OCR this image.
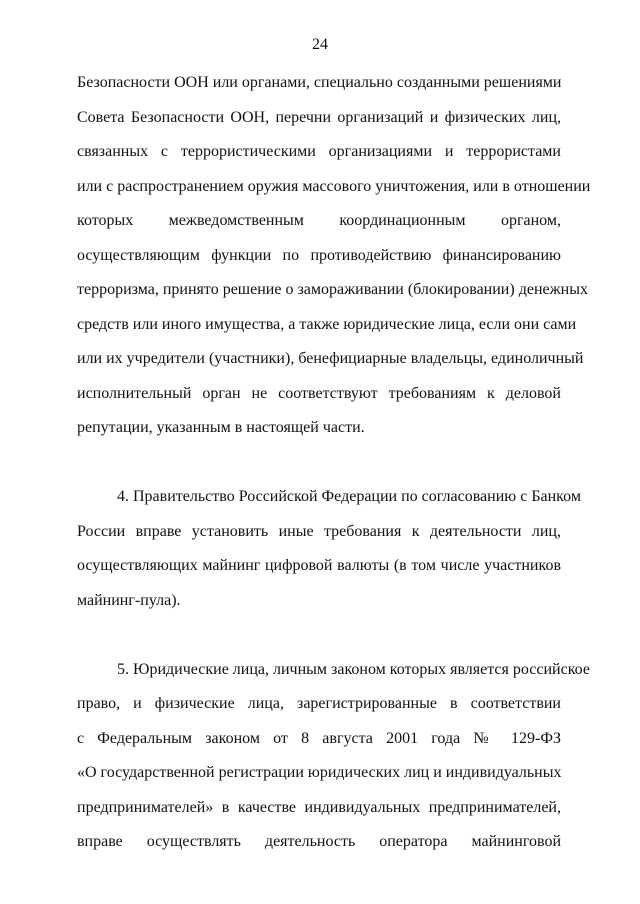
24
Безопасности ООН или органами, специально созданными решениями
Совета Безопасности ООН, перечни организаций и физических лиц,
связанных с террористическими организациями и террористами
или с распространением оружия массового уничтожения, или в отношении
которых межведомственным координационным органом,
осуществляющим функции по противодействию финансированию
терроризма, принято решение о замораживании (блокировании) денежных
средств или иного имущества, а также юридические лица, если они сами
или их учредители (участники), бенефициарные владельцы, единоличный
исполнительный орган не соответствуют требованиям к деловой
репутации, указанным в настоящей части.
4. Правительство Российской Федерации по согласованию с Банком
России вправе установить иные требования к деятельности лиц,
осуществляющих майнинг цифровой валюты (в том числе участников
майнинг-пула).
5. Юридические лица, личным законом которых является российское
право, и физические лица, зарегистрированные в соответствии
с Федеральным законом от 8 августа 2001 года № 129-ФЗ
«О государственной регистрации юридических лиц и индивидуальных
предпринимателей» в качестве индивидуальных предпринимателей,
вправе осуществлять деятельность оператора майнинговой
